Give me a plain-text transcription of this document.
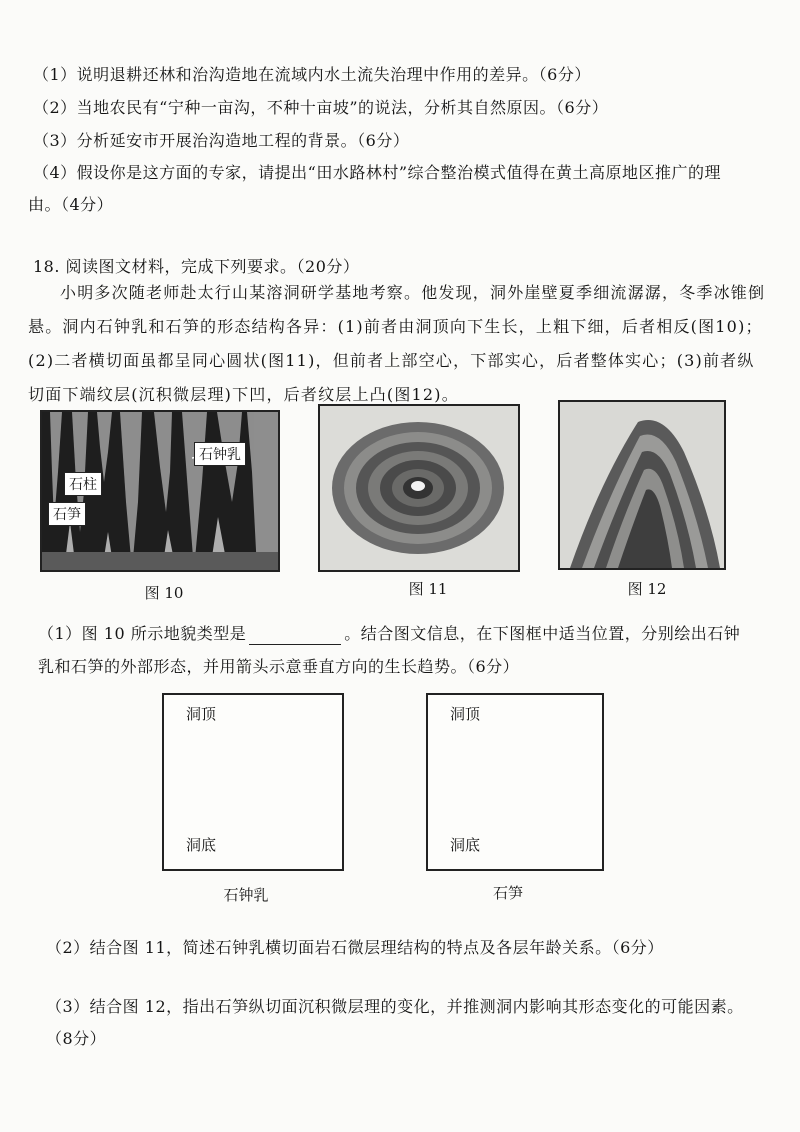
（1）说明退耕还林和治沟造地在流域内水土流失治理中作用的差异。（6分）
（2）当地农民有“宁种一亩沟，不种十亩坡”的说法，分析其自然原因。（6分）
（3）分析延安市开展治沟造地工程的背景。（6分）
（4）假设你是这方面的专家，请提出“田水路林村”综合整治模式值得在黄土高原地区推广的理
由。（4分）
18. 阅读图文材料，完成下列要求。（20分）
小明多次随老师赴太行山某溶洞研学基地考察。他发现，洞外崖壁夏季细流潺潺，冬季冰锥倒悬。洞内石钟乳和石笋的形态结构各异：(1)前者由洞顶向下生长，上粗下细，后者相反(图10)；(2)二者横切面虽都呈同心圆状(图11)，但前者上部空心，下部实心，后者整体实心；(3)前者纵切面下端纹层(沉积微层理)下凹，后者纹层上凸(图12)。
石钟乳
石柱
石笋
图 10	图 11	图 12
（1）图 10 所示地貌类型是	。结合图文信息，在下图框中适当位置，分别绘出石钟
乳和石笋的外部形态，并用箭头示意垂直方向的生长趋势。（6分）
洞顶
洞底
石钟乳
洞顶
洞底
石笋
（2）结合图 11，简述石钟乳横切面岩石微层理结构的特点及各层年龄关系。（6分）
（3）结合图 12，指出石笋纵切面沉积微层理的变化，并推测洞内影响其形态变化的可能因素。
（8分）
